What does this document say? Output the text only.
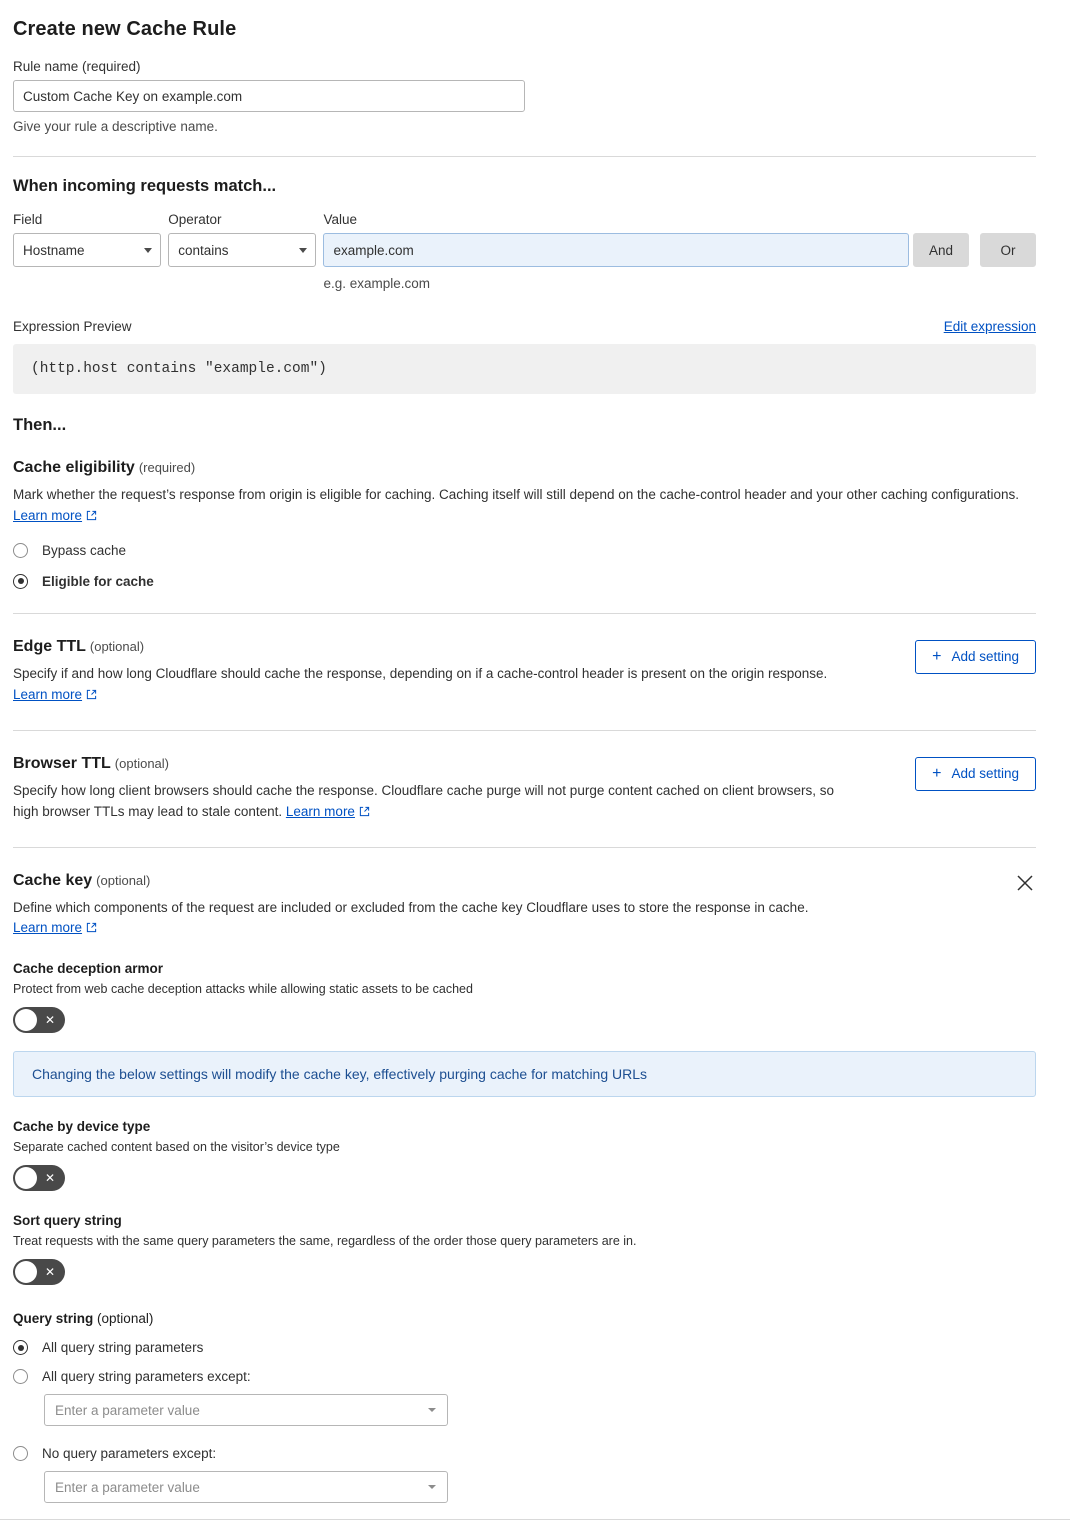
Create new Cache Rule
Rule name (required)
Custom Cache Key on example.com
Give your rule a descriptive name.
When incoming requests match...
Field
Hostname
Operator
contains
Value
example.com
e.g. example.com
And	Or
Expression Preview	Edit expression
(http.host contains "example.com")
Then...
Cache eligibility (required)
Mark whether the request’s response from origin is eligible for caching. Caching itself will still depend on the cache-control header and your other caching configurations. Learn more
Bypass cache
Eligible for cache
Edge TTL (optional)
Specify if and how long Cloudflare should cache the response, depending on if a cache-control header is present on the origin response. Learn more
+ Add setting
Browser TTL (optional)
Specify how long client browsers should cache the response. Cloudflare cache purge will not purge content cached on client browsers, so high browser TTLs may lead to stale content. Learn more
+ Add setting
Cache key (optional)
Define which components of the request are included or excluded from the cache key Cloudflare uses to store the response in cache.
Learn more
Cache deception armor
Protect from web cache deception attacks while allowing static assets to be cached
✕
Changing the below settings will modify the cache key, effectively purging cache for matching URLs
Cache by device type
Separate cached content based on the visitor’s device type
✕
Sort query string
Treat requests with the same query parameters the same, regardless of the order those query parameters are in.
✕
Query string (optional)
All query string parameters
All query string parameters except:
Enter a parameter value
No query parameters except:
Enter a parameter value
